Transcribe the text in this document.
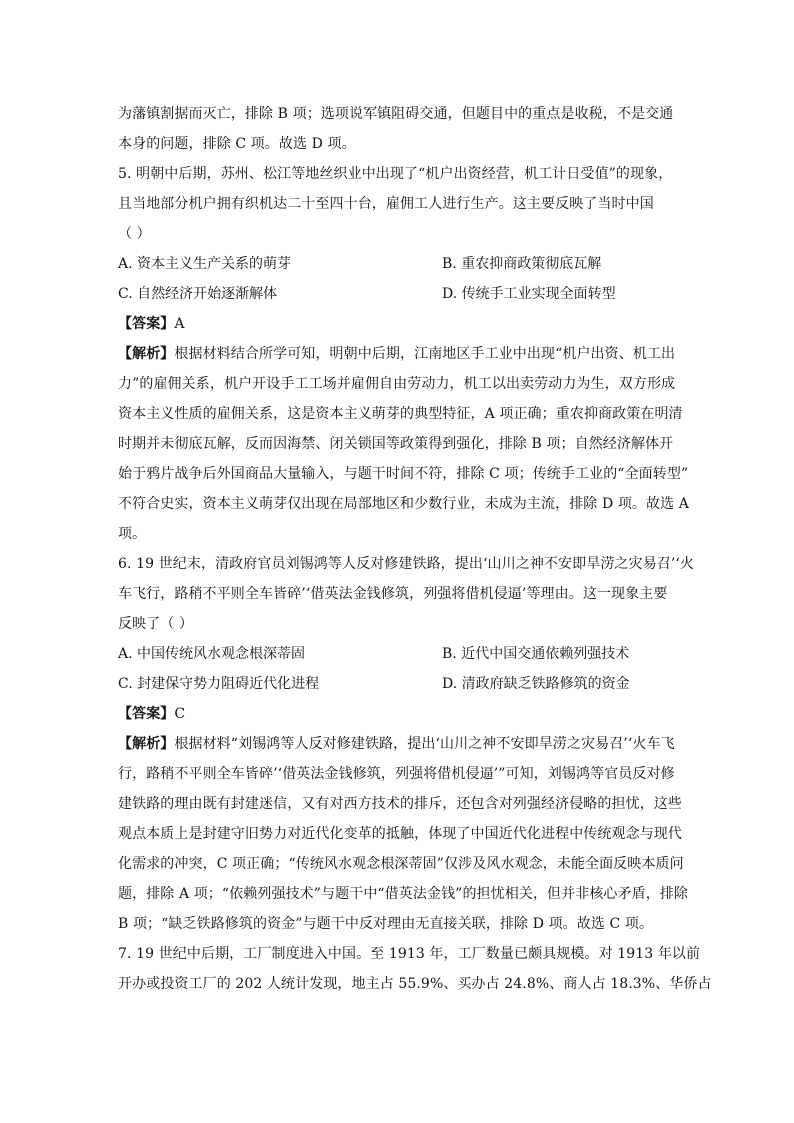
为藩镇割据而灭亡，排除 B 项；选项说军镇阻碍交通，但题目中的重点是收税，不是交通
本身的问题，排除 C 项。故选 D 项。
5. 明朝中后期，苏州、松江等地丝织业中出现了“机户出资经营，机工计日受值”的现象，
且当地部分机户拥有织机达二十至四十台，雇佣工人进行生产。这主要反映了当时中国
（ ）
A. 资本主义生产关系的萌芽	B. 重农抑商政策彻底瓦解
C. 自然经济开始逐渐解体	D. 传统手工业实现全面转型
【答案】A
【解析】根据材料结合所学可知，明朝中后期，江南地区手工业中出现“机户出资、机工出
力”的雇佣关系，机户开设手工工场并雇佣自由劳动力，机工以出卖劳动力为生，双方形成
资本主义性质的雇佣关系，这是资本主义萌芽的典型特征，A 项正确；重农抑商政策在明清
时期并未彻底瓦解，反而因海禁、闭关锁国等政策得到强化，排除 B 项；自然经济解体开
始于鸦片战争后外国商品大量输入，与题干时间不符，排除 C 项；传统手工业的“全面转型”
不符合史实，资本主义萌芽仅出现在局部地区和少数行业，未成为主流，排除 D 项。故选 A
项。
6. 19 世纪末，清政府官员刘锡鸿等人反对修建铁路，提出‘山川之神不安即旱涝之灾易召’‘火
车飞行，路稍不平则全车皆碎’‘借英法金钱修筑，列强将借机侵逼’等理由。这一现象主要
反映了（ ）
A. 中国传统风水观念根深蒂固	B. 近代中国交通依赖列强技术
C. 封建保守势力阻碍近代化进程	D. 清政府缺乏铁路修筑的资金
【答案】C
【解析】根据材料“刘锡鸿等人反对修建铁路，提出‘山川之神不安即旱涝之灾易召’‘火车飞
行，路稍不平则全车皆碎’‘借英法金钱修筑，列强将借机侵逼’”可知，刘锡鸿等官员反对修
建铁路的理由既有封建迷信，又有对西方技术的排斥，还包含对列强经济侵略的担忧，这些
观点本质上是封建守旧势力对近代化变革的抵触，体现了中国近代化进程中传统观念与现代
化需求的冲突，C 项正确；“传统风水观念根深蒂固”仅涉及风水观念，未能全面反映本质问
题，排除 A 项；“依赖列强技术”与题干中“借英法金钱”的担忧相关，但并非核心矛盾，排除
B 项；“缺乏铁路修筑的资金”与题干中反对理由无直接关联，排除 D 项。故选 C 项。
7. 19 世纪中后期，工厂制度进入中国。至 1913 年，工厂数量已颇具规模。对 1913 年以前
开办或投资工厂的 202 人统计发现，地主占 55.9%、买办占 24.8%、商人占 18.3%、华侨占
